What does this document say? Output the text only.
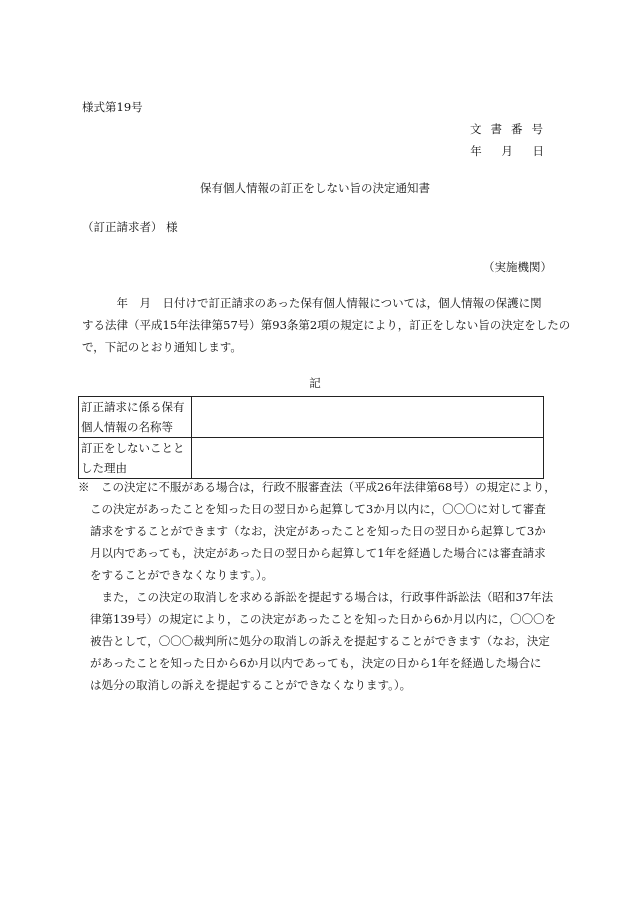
様式第19号
文書番号
年 月 日
保有個人情報の訂正をしない旨の決定通知書
（訂正請求者） 様
（実施機関）
　　　年　月　日付けで訂正請求のあった保有個人情報については，個人情報の保護に関
する法律（平成15年法律第57号）第93条第2項の規定により，訂正をしない旨の決定をしたの
で，下記のとおり通知します。
記
訂正請求に係る保有
個人情報の名称等	

訂正をしないことと
した理由	

※　この決定に不服がある場合は，行政不服審査法（平成26年法律第68号）の規定により，
この決定があったことを知った日の翌日から起算して3か月以内に，〇〇〇に対して審査
請求をすることができます（なお，決定があったことを知った日の翌日から起算して3か
月以内であっても，決定があった日の翌日から起算して1年を経過した場合には審査請求
をすることができなくなります。）。
　また，この決定の取消しを求める訴訟を提起する場合は，行政事件訴訟法（昭和37年法
律第139号）の規定により，この決定があったことを知った日から6か月以内に，〇〇〇を
被告として，〇〇〇裁判所に処分の取消しの訴えを提起することができます（なお，決定
があったことを知った日から6か月以内であっても，決定の日から1年を経過した場合に
は処分の取消しの訴えを提起することができなくなります。）。
